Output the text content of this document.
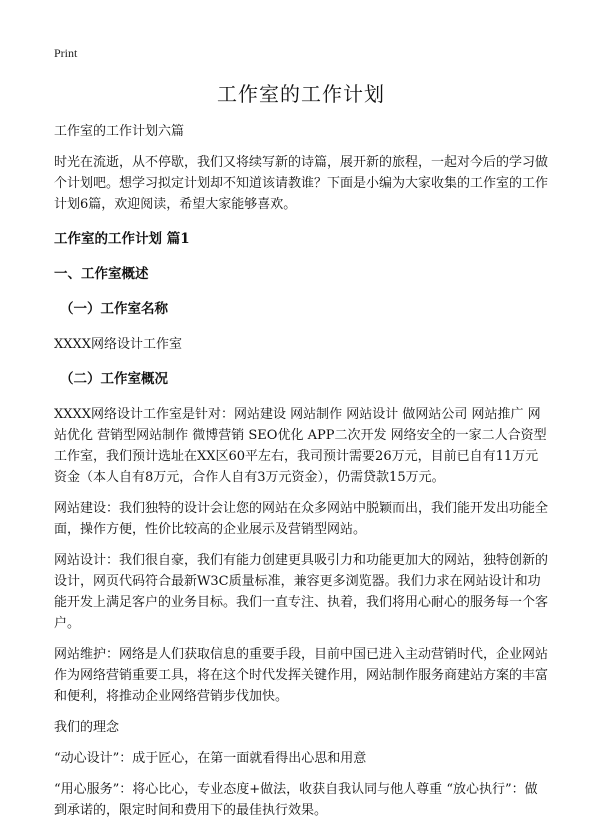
Print
工作室的工作计划

工作室的工作计划六篇

时光在流逝，从不停歇，我们又将续写新的诗篇，展开新的旅程，一起对今后的学习做个计划吧。想学习拟定计划却不知道该请教谁？下面是小编为大家收集的工作室的工作计划6篇，欢迎阅读，希望大家能够喜欢。

工作室的工作计划 篇1

一、工作室概述

（一）工作室名称

XXXX网络设计工作室

（二）工作室概况

XXXX网络设计工作室是针对：网站建设 网站制作 网站设计 做网站公司 网站推广 网站优化 营销型网站制作 微博营销 SEO优化 APP二次开发 网络安全的一家二人合资型工作室，我们预计选址在XX区60平左右，我司预计需要26万元，目前已自有11万元资金（本人自有8万元，合作人自有3万元资金），仍需贷款15万元。

网站建设：我们独特的设计会让您的网站在众多网站中脱颖而出，我们能开发出功能全面，操作方便，性价比较高的企业展示及营销型网站。

网站设计：我们很自豪，我们有能力创建更具吸引力和功能更加大的网站，独特创新的设计，网页代码符合最新W3C质量标准，兼容更多浏览器。我们力求在网站设计和功能开发上满足客户的业务目标。我们一直专注、执着，我们将用心耐心的服务每一个客户。

网站维护：网络是人们获取信息的重要手段，目前中国已进入主动营销时代，企业网站作为网络营销重要工具，将在这个时代发挥关键作用，网站制作服务商建站方案的丰富和便利，将推动企业网络营销步伐加快。

我们的理念

“动心设计”：成于匠心，在第一面就看得出心思和用意

“用心服务”：将心比心，专业态度+做法，收获自我认同与他人尊重 “放心执行”：做到承诺的，限定时间和费用下的最佳执行效果。
